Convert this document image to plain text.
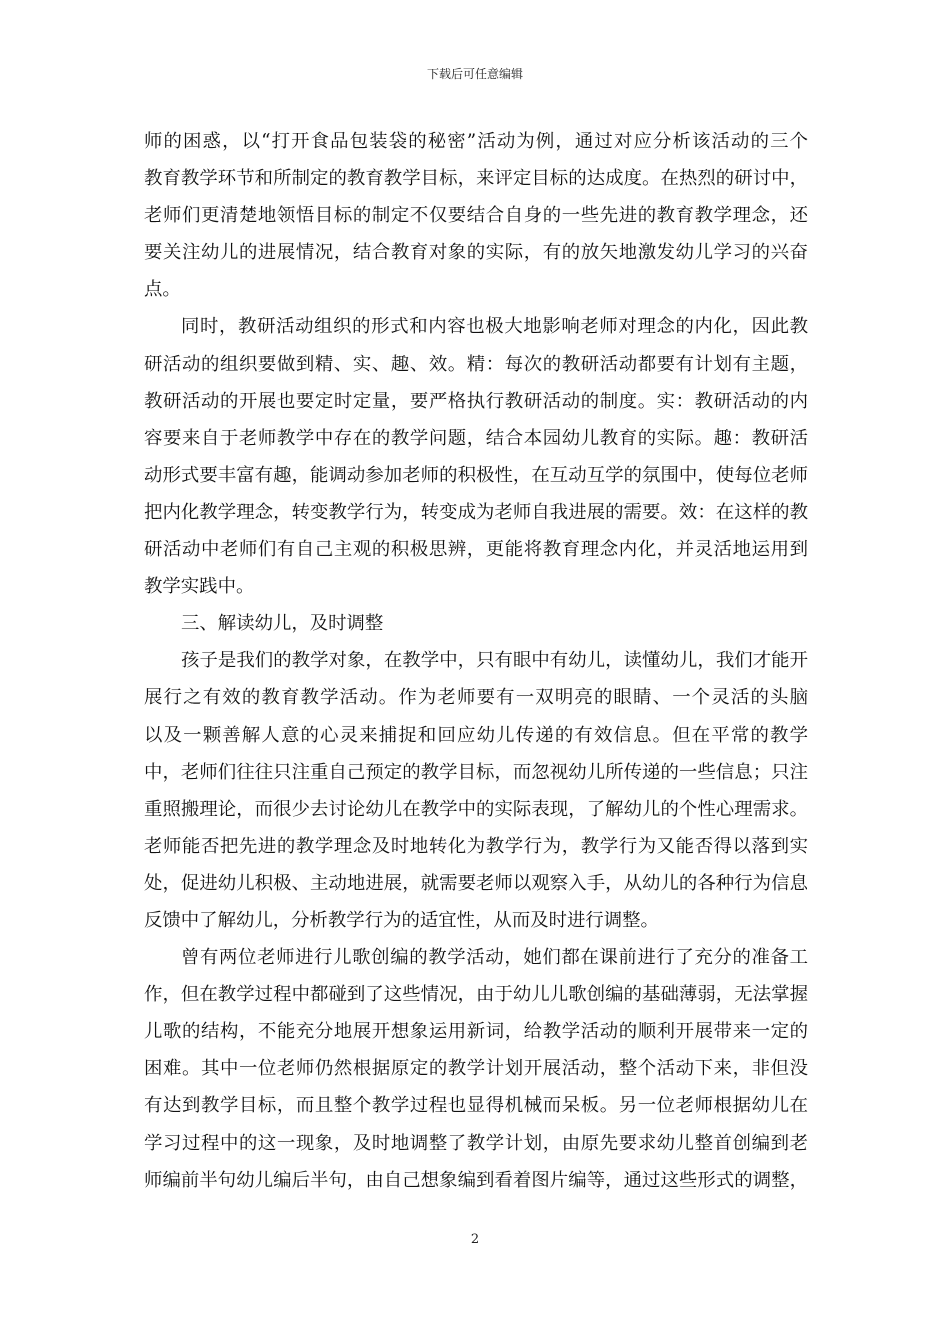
下载后可任意编辑
师的困惑，以“打开食品包装袋的秘密”活动为例，通过对应分析该活动的三个
教育教学环节和所制定的教育教学目标，来评定目标的达成度。在热烈的研讨中，
老师们更清楚地领悟目标的制定不仅要结合自身的一些先进的教育教学理念，还
要关注幼儿的进展情况，结合教育对象的实际，有的放矢地激发幼儿学习的兴奋
点。
同时，教研活动组织的形式和内容也极大地影响老师对理念的内化，因此教
研活动的组织要做到精、实、趣、效。精：每次的教研活动都要有计划有主题，
教研活动的开展也要定时定量，要严格执行教研活动的制度。实：教研活动的内
容要来自于老师教学中存在的教学问题，结合本园幼儿教育的实际。趣：教研活
动形式要丰富有趣，能调动参加老师的积极性，在互动互学的氛围中，使每位老师
把内化教学理念，转变教学行为，转变成为老师自我进展的需要。效：在这样的教
研活动中老师们有自己主观的积极思辨，更能将教育理念内化，并灵活地运用到
教学实践中。
三、解读幼儿，及时调整
孩子是我们的教学对象，在教学中，只有眼中有幼儿，读懂幼儿，我们才能开
展行之有效的教育教学活动。作为老师要有一双明亮的眼睛、一个灵活的头脑
以及一颗善解人意的心灵来捕捉和回应幼儿传递的有效信息。但在平常的教学
中，老师们往往只注重自己预定的教学目标，而忽视幼儿所传递的一些信息；只注
重照搬理论，而很少去讨论幼儿在教学中的实际表现，了解幼儿的个性心理需求。
老师能否把先进的教学理念及时地转化为教学行为，教学行为又能否得以落到实
处，促进幼儿积极、主动地进展，就需要老师以观察入手，从幼儿的各种行为信息
反馈中了解幼儿，分析教学行为的适宜性，从而及时进行调整。
曾有两位老师进行儿歌创编的教学活动，她们都在课前进行了充分的准备工
作，但在教学过程中都碰到了这些情况，由于幼儿儿歌创编的基础薄弱，无法掌握
儿歌的结构，不能充分地展开想象运用新词，给教学活动的顺利开展带来一定的
困难。其中一位老师仍然根据原定的教学计划开展活动，整个活动下来，非但没
有达到教学目标，而且整个教学过程也显得机械而呆板。另一位老师根据幼儿在
学习过程中的这一现象，及时地调整了教学计划，由原先要求幼儿整首创编到老
师编前半句幼儿编后半句，由自己想象编到看着图片编等，通过这些形式的调整，
2
